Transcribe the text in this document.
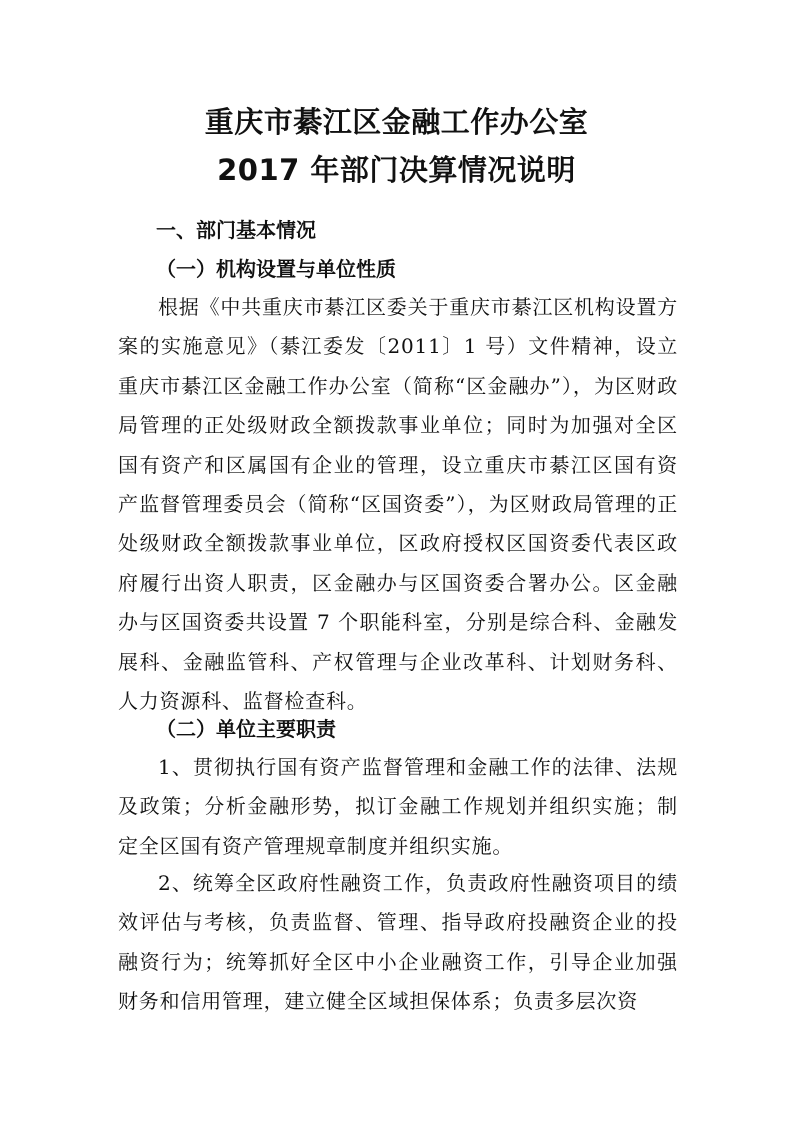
重庆市綦江区金融工作办公室
2017 年部门决算情况说明
一、部门基本情况
（一）机构设置与单位性质

根据《中共重庆市綦江区委关于重庆市綦江区机构设置方案的实施意见》（綦江委发〔2011〕1 号）文件精神，设立重庆市綦江区金融工作办公室（简称“区金融办”），为区财政局管理的正处级财政全额拨款事业单位；同时为加强对全区国有资产和区属国有企业的管理，设立重庆市綦江区国有资产监督管理委员会（简称“区国资委”），为区财政局管理的正处级财政全额拨款事业单位，区政府授权区国资委代表区政府履行出资人职责，区金融办与区国资委合署办公。区金融办与区国资委共设置 7 个职能科室，分别是综合科、金融发展科、金融监管科、产权管理与企业改革科、计划财务科、人力资源科、监督检查科。

（二）单位主要职责

1、贯彻执行国有资产监督管理和金融工作的法律、法规及政策；分析金融形势，拟订金融工作规划并组织实施；制定全区国有资产管理规章制度并组织实施。

2、统筹全区政府性融资工作，负责政府性融资项目的绩效评估与考核，负责监督、管理、指导政府投融资企业的投融资行为；统筹抓好全区中小企业融资工作，引导企业加强财务和信用管理，建立健全区域担保体系；负责多层次资
